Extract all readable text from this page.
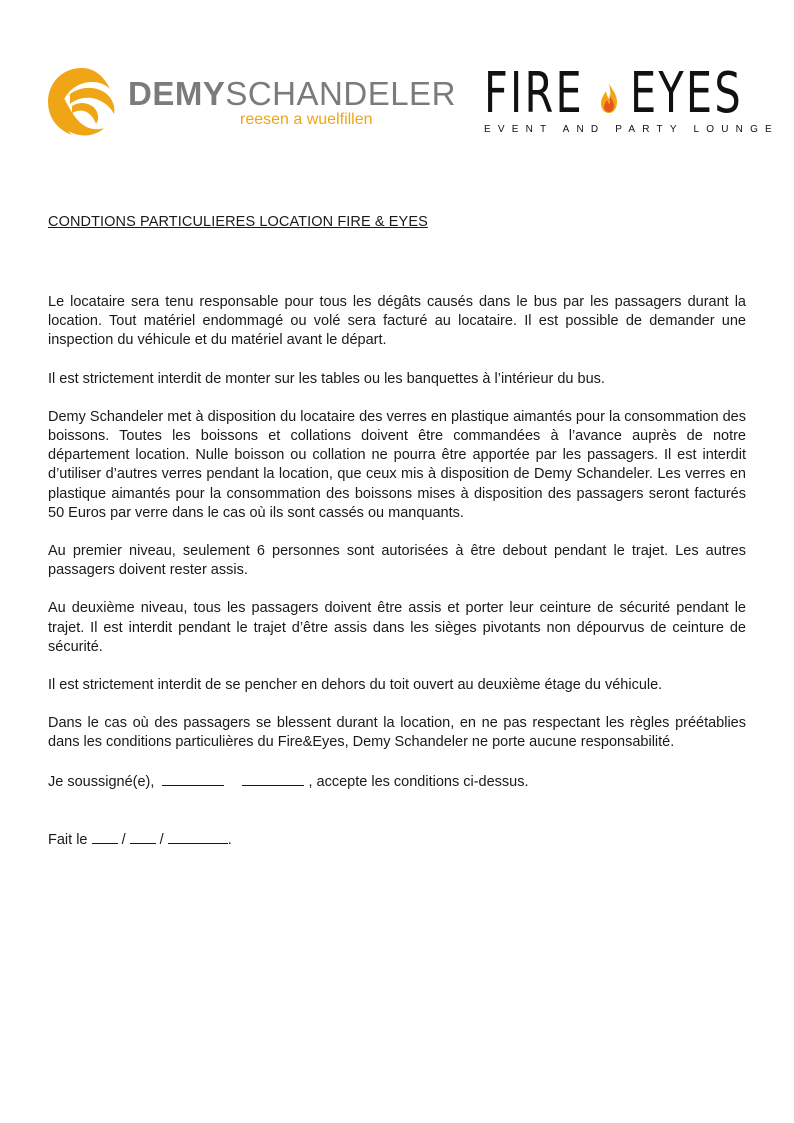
DEMYSCHANDELER
reesen a wuelfillen FIRE EYES
EVENT AND PARTY LOUNGE
CONDTIONS PARTICULIERES LOCATION FIRE & EYES

Le locataire sera tenu responsable pour tous les dégâts causés dans le bus par les passagers durant la location. Tout matériel endommagé ou volé sera facturé au locataire. Il est possible de demander une inspection du véhicule et du matériel avant le départ.

Il est strictement interdit de monter sur les tables ou les banquettes à l’intérieur du bus.

Demy Schandeler met à disposition du locataire des verres en plastique aimantés pour la consommation des boissons. Toutes les boissons et collations doivent être commandées à l’avance auprès de notre département location. Nulle boisson ou collation ne pourra être apportée par les passagers. Il est interdit d’utiliser d’autres verres pendant la location, que ceux mis à disposition de Demy Schandeler. Les verres en plastique aimantés pour la consommation des boissons mises à disposition des passagers seront facturés 50 Euros par verre dans le cas où ils sont cassés ou manquants.

Au premier niveau, seulement 6 personnes sont autorisées à être debout pendant le trajet. Les autres passagers doivent rester assis.

Au deuxième niveau, tous les passagers doivent être assis et porter leur ceinture de sécurité pendant le trajet. Il est interdit pendant le trajet d’être assis dans les sièges pivotants non dépourvus de ceinture de sécurité.

Il est strictement interdit de se pencher en dehors du toit ouvert au deuxième étage du véhicule.

Dans le cas où des passagers se blessent durant la location, en ne pas respectant les règles préétablies dans les conditions particulières du Fire&Eyes, Demy Schandeler ne porte aucune responsabilité.

Je soussigné(e),	, accepte les conditions ci-dessus.
Fait le / /	.
